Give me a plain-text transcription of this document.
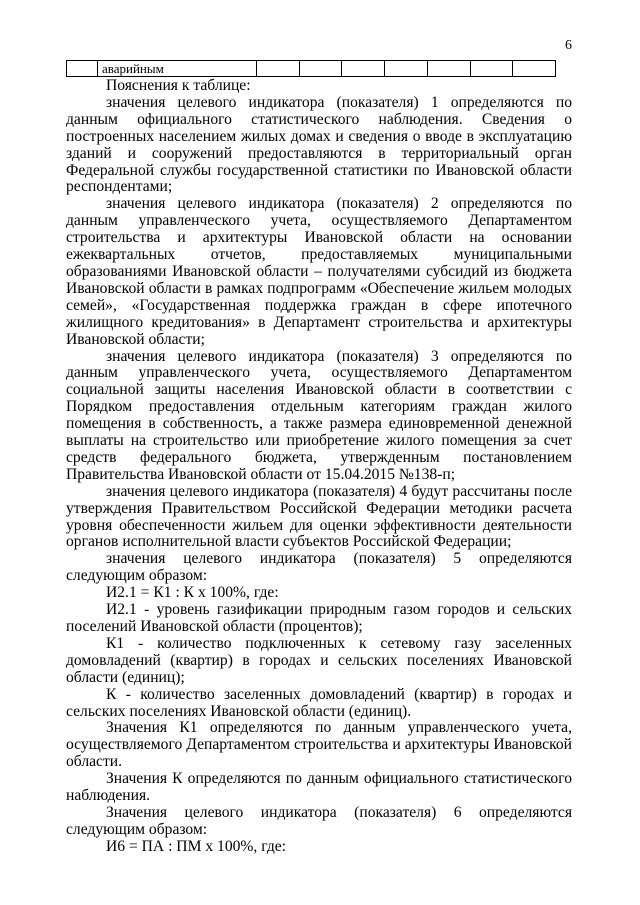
6
	аварийным							

Пояснения к таблице:

значения целевого индикатора (показателя) 1 определяются по данным официального статистического наблюдения. Сведения о построенных населением жилых домах и сведения о вводе в эксплуатацию зданий и сооружений предоставляются в территориальный орган Федеральной службы государственной статистики по Ивановской области респондентами;

значения целевого индикатора (показателя) 2 определяются по данным управленческого учета, осуществляемого Департаментом строительства и архитектуры Ивановской области на основании ежеквартальных отчетов, предоставляемых муниципальными образованиями Ивановской области – получателями субсидий из бюджета Ивановской области в рамках подпрограмм «Обеспечение жильем молодых семей», «Государственная поддержка граждан в сфере ипотечного жилищного кредитования» в Департамент строительства и архитектуры Ивановской области;

значения целевого индикатора (показателя) 3 определяются по данным управленческого учета, осуществляемого Департаментом социальной защиты населения Ивановской области в соответствии с Порядком предоставления отдельным категориям граждан жилого помещения в собственность, а также размера единовременной денежной выплаты на строительство или приобретение жилого помещения за счет средств федерального бюджета, утвержденным постановлением Правительства Ивановской области от 15.04.2015 №138-п;

значения целевого индикатора (показателя) 4 будут рассчитаны после утверждения Правительством Российской Федерации методики расчета уровня обеспеченности жильем для оценки эффективности деятельности органов исполнительной власти субъектов Российской Федерации;

значения целевого индикатора (показателя) 5 определяются следующим образом:

И2.1 = К1 : К х 100%, где:

И2.1 - уровень газификации природным газом городов и сельских поселений Ивановской области (процентов);

К1 - количество подключенных к сетевому газу заселенных домовладений (квартир) в городах и сельских поселениях Ивановской области (единиц);

К - количество заселенных домовладений (квартир) в городах и сельских поселениях Ивановской области (единиц).

Значения К1 определяются по данным управленческого учета, осуществляемого Департаментом строительства и архитектуры Ивановской области.

Значения К определяются по данным официального статистического наблюдения.

Значения целевого индикатора (показателя) 6 определяются следующим образом:

И6 = ПА : ПМ х 100%, где:
